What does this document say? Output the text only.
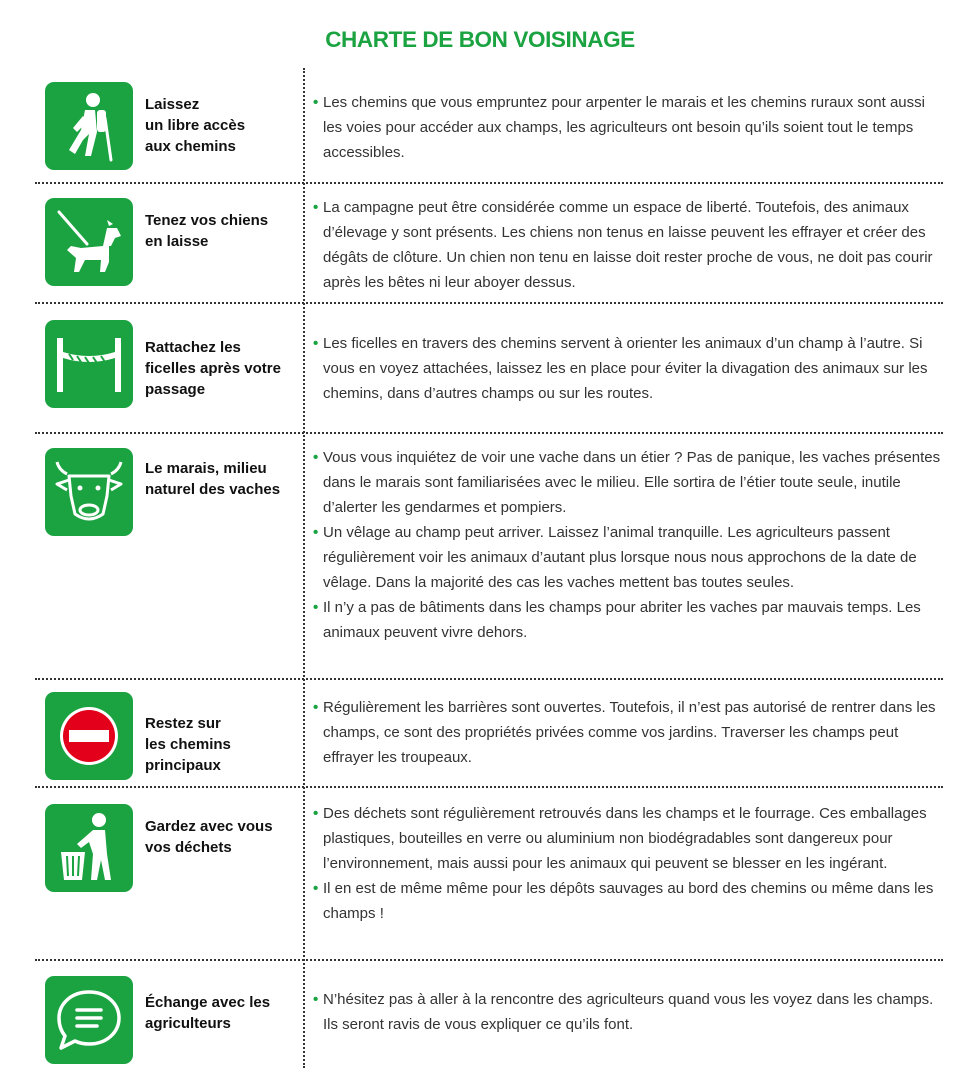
CHARTE DE BON VOISINAGE
Laissez
un libre accès
aux chemins

• Les chemins que vous empruntez pour arpenter le marais et les chemins ruraux sont aussi les voies pour accéder aux champs, les agriculteurs ont besoin qu’ils soient tout le temps accessibles.

Tenez vos chiens
en laisse

• La campagne peut être considérée comme un espace de liberté. Toutefois, des animaux d’élevage y sont présents. Les chiens non tenus en laisse peuvent les effrayer et créer des dégâts de clôture. Un chien non tenu en laisse doit rester proche de vous, ne doit pas courir après les bêtes ni leur aboyer dessus.

Rattachez les
ficelles après votre
passage

• Les ficelles en travers des chemins servent à orienter les animaux d’un champ à l’autre. Si vous en voyez attachées, laissez les en place pour éviter la divagation des animaux sur les chemins, dans d’autres champs ou sur les routes.

Le marais, milieu
naturel des vaches

• Vous vous inquiétez de voir une vache dans un étier ? Pas de panique, les vaches présentes dans le marais sont familiarisées avec le milieu. Elle sortira de l’étier toute seule, inutile d’alerter les gendarmes et pompiers.

• Un vêlage au champ peut arriver. Laissez l’animal tranquille. Les agriculteurs passent régulièrement voir les animaux d’autant plus lorsque nous nous approchons de la date de vêlage. Dans la majorité des cas les vaches mettent bas toutes seules.

• Il n’y a pas de bâtiments dans les champs pour abriter les vaches par mauvais temps. Les animaux peuvent vivre dehors.

Restez sur
les chemins
principaux

• Régulièrement les barrières sont ouvertes. Toutefois, il n’est pas autorisé de rentrer dans les champs, ce sont des propriétés privées comme vos jardins. Traverser les champs peut effrayer les troupeaux.

Gardez avec vous
vos déchets

• Des déchets sont régulièrement retrouvés dans les champs et le fourrage. Ces emballages plastiques, bouteilles en verre ou aluminium non biodégradables sont dangereux pour l’environnement, mais aussi pour les animaux qui peuvent se blesser en les ingérant.

• Il en est de même même pour les dépôts sauvages au bord des chemins ou même dans les champs !

Échange avec les
agriculteurs

• N’hésitez pas à aller à la rencontre des agriculteurs quand vous les voyez dans les champs. Ils seront ravis de vous expliquer ce qu’ils font.
